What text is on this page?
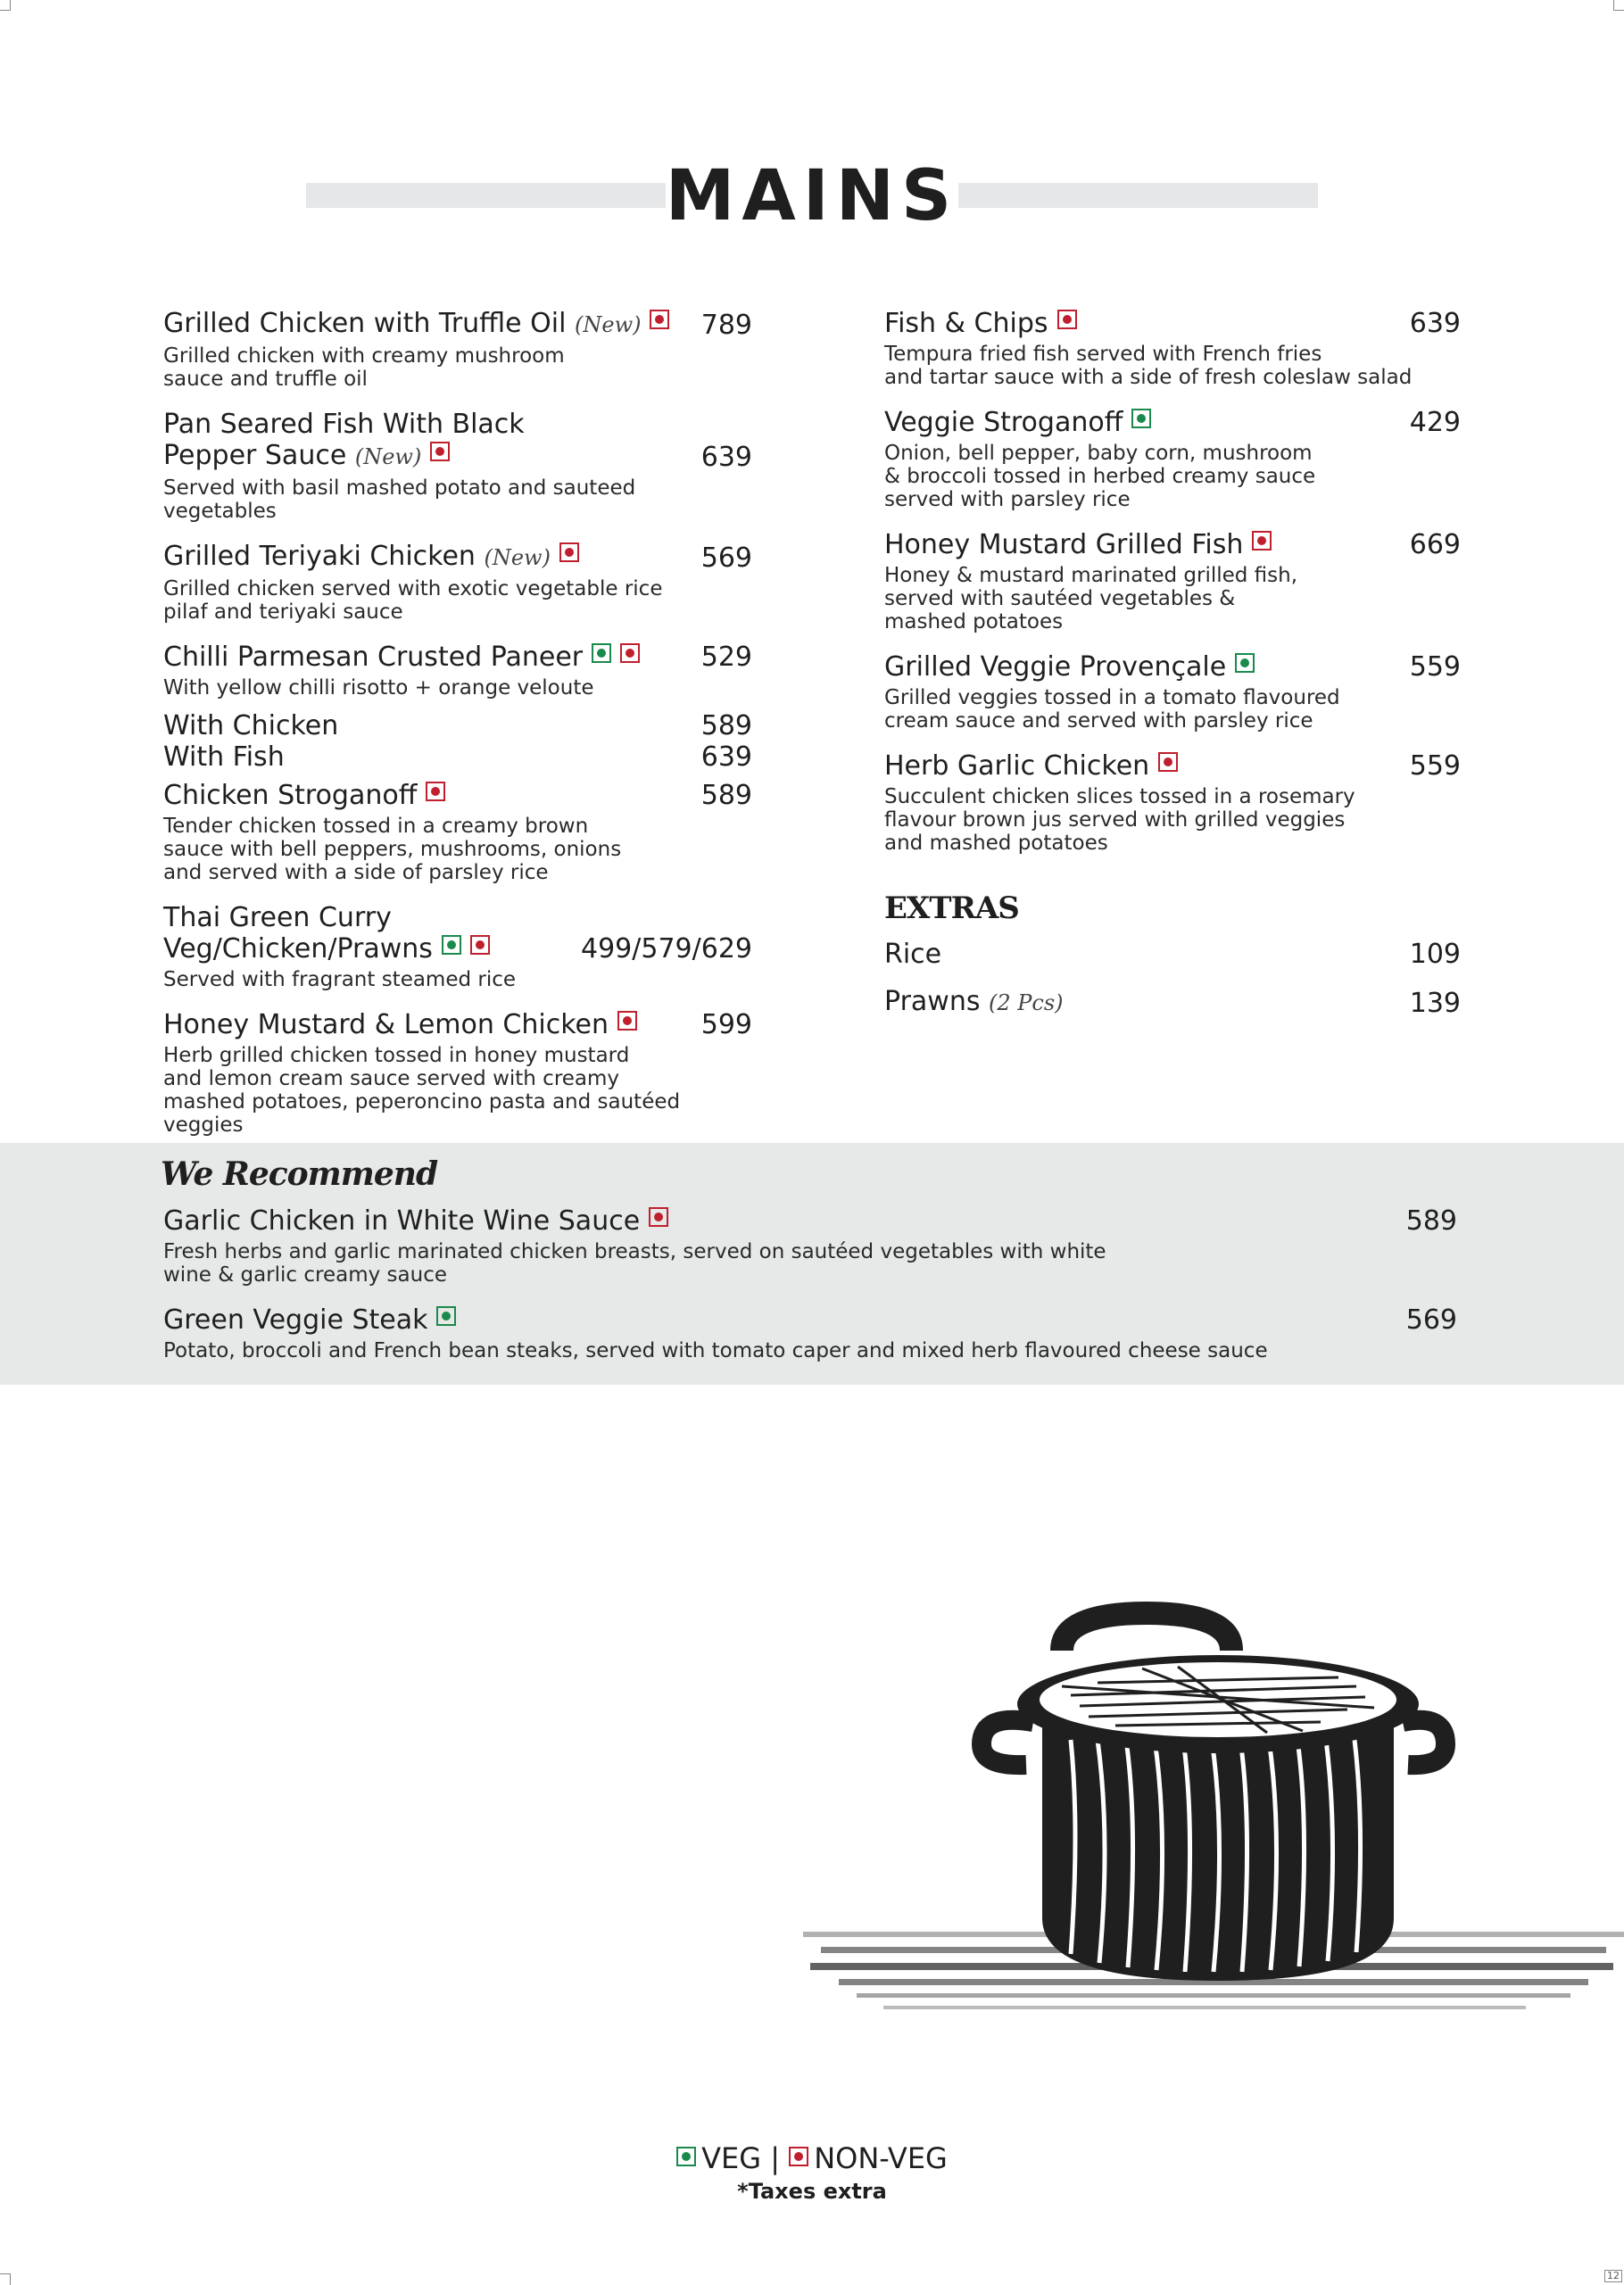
12
MAINS
Grilled Chicken with Truffle Oil (New)	789
Grilled chicken with creamy mushroom
sauce and truffle oil
Pan Seared Fish With Black
Pepper Sauce (New)	639
Served with basil mashed potato and sauteed vegetables
Grilled Teriyaki Chicken (New)	569
Grilled chicken served with exotic vegetable rice
pilaf and teriyaki sauce
Chilli Parmesan Crusted Paneer	529
With yellow chilli risotto + orange veloute
With Chicken	589
With Fish	639
Chicken Stroganoff	589
Tender chicken tossed in a creamy brown
sauce with bell peppers, mushrooms, onions
and served with a side of parsley rice
Thai Green Curry
Veg/Chicken/Prawns	499/579/629
Served with fragrant steamed rice
Honey Mustard & Lemon Chicken	599
Herb grilled chicken tossed in honey mustard
and lemon cream sauce served with creamy
mashed potatoes, peperoncino pasta and sautéed veggies
Fish & Chips	639
Tempura fried fish served with French fries
and tartar sauce with a side of fresh coleslaw salad
Veggie Stroganoff	429
Onion, bell pepper, baby corn, mushroom
& broccoli tossed in herbed creamy sauce
served with parsley rice
Honey Mustard Grilled Fish	669
Honey & mustard marinated grilled fish,
served with sautéed vegetables &
mashed potatoes
Grilled Veggie Provençale	559
Grilled veggies tossed in a tomato flavoured
cream sauce and served with parsley rice
Herb Garlic Chicken	559
Succulent chicken slices tossed in a rosemary
flavour brown jus served with grilled veggies
and mashed potatoes
EXTRAS
Rice	109
Prawns (2 Pcs)	139
We Recommend
Garlic Chicken in White Wine Sauce	589
Fresh herbs and garlic marinated chicken breasts, served on sautéed vegetables with white
wine & garlic creamy sauce
Green Veggie Steak	569
Potato, broccoli and French bean steaks, served with tomato caper and mixed herb flavoured cheese sauce
VEG | NON-VEG
*Taxes extra
